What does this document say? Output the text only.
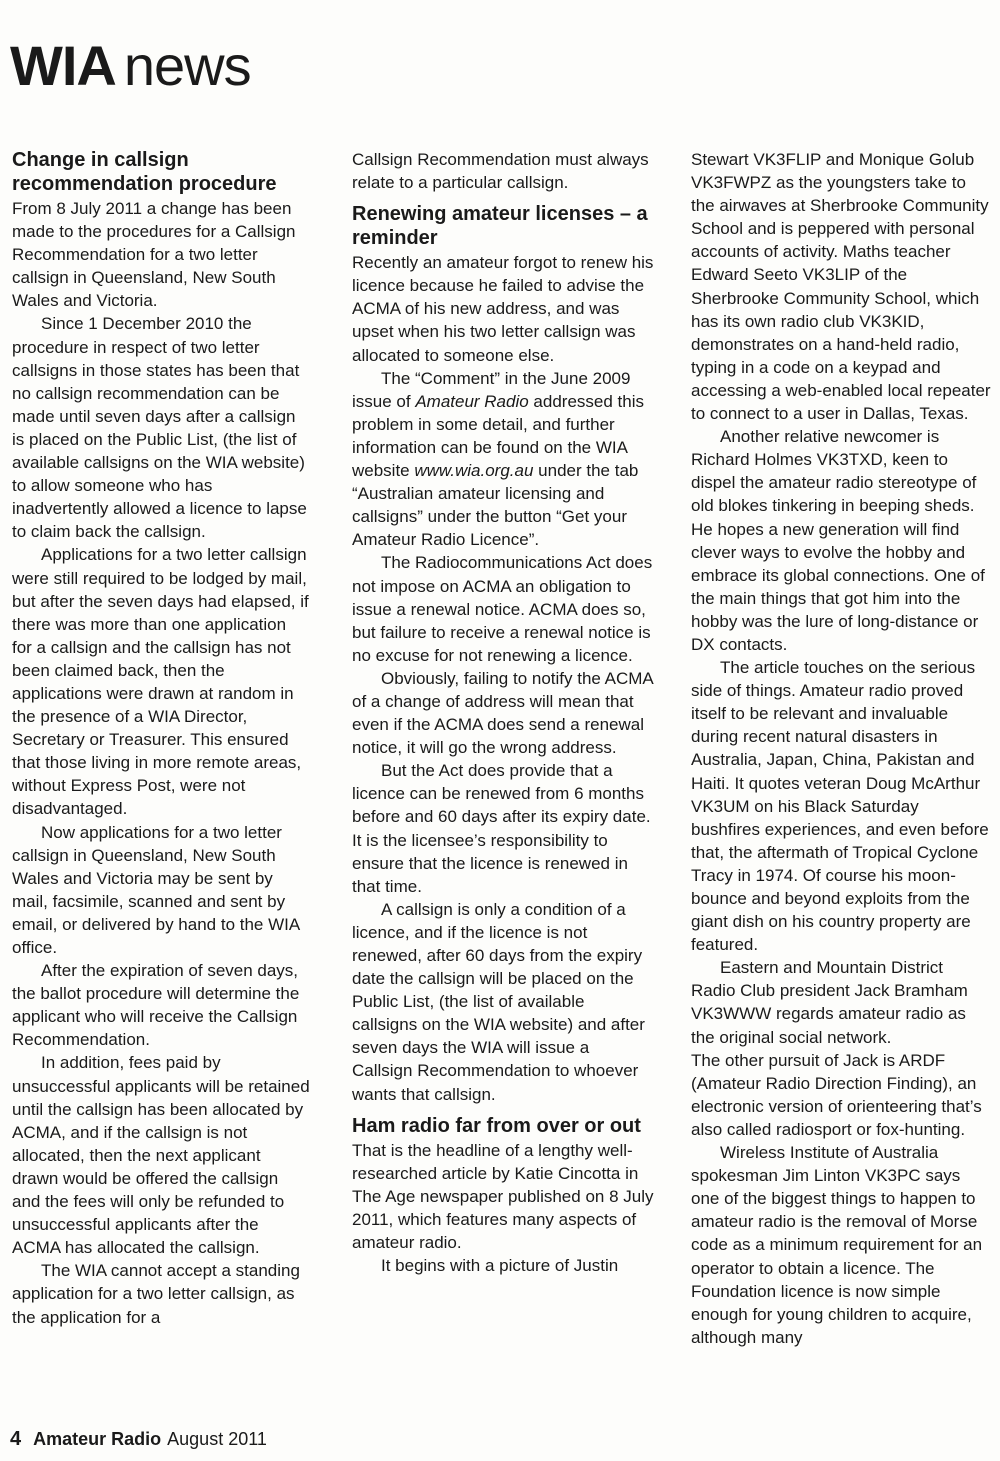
WIA news
Change in callsign recommendation procedure

From 8 July 2011 a change has been made to the procedures for a Callsign Recommendation for a two letter callsign in Queensland, New South Wales and Victoria.

Since 1 December 2010 the procedure in respect of two letter callsigns in those states has been that no callsign recommendation can be made until seven days after a callsign is placed on the Public List, (the list of available callsigns on the WIA website) to allow someone who has inadvertently allowed a licence to lapse to claim back the callsign.

Applications for a two letter callsign were still required to be lodged by mail, but after the seven days had elapsed, if there was more than one application for a callsign and the callsign has not been claimed back, then the applications were drawn at random in the presence of a WIA Director, Secretary or Treasurer. This ensured that those living in more remote areas, without Express Post, were not disadvantaged.

Now applications for a two letter callsign in Queensland, New South Wales and Victoria may be sent by mail, facsimile, scanned and sent by email, or delivered by hand to the WIA office.

After the expiration of seven days, the ballot procedure will determine the applicant who will receive the Callsign Recommendation.

In addition, fees paid by unsuccessful applicants will be retained until the callsign has been allocated by ACMA, and if the callsign is not allocated, then the next applicant drawn would be offered the callsign and the fees will only be refunded to unsuccessful applicants after the ACMA has allocated the callsign.

The WIA cannot accept a standing application for a two letter callsign, as the application for a

Callsign Recommendation must always relate to a particular callsign.

Renewing amateur licenses – a reminder

Recently an amateur forgot to renew his licence because he failed to advise the ACMA of his new address, and was upset when his two letter callsign was allocated to someone else.

The “Comment” in the June 2009 issue of Amateur Radio addressed this problem in some detail, and further information can be found on the WIA website www.wia.org.au under the tab “Australian amateur licensing and callsigns” under the button “Get your Amateur Radio Licence”.

The Radiocommunications Act does not impose on ACMA an obligation to issue a renewal notice. ACMA does so, but failure to receive a renewal notice is no excuse for not renewing a licence.

Obviously, failing to notify the ACMA of a change of address will mean that even if the ACMA does send a renewal notice, it will go the wrong address.

But the Act does provide that a licence can be renewed from 6 months before and 60 days after its expiry date. It is the licensee’s responsibility to ensure that the licence is renewed in that time.

A callsign is only a condition of a licence, and if the licence is not renewed, after 60 days from the expiry date the callsign will be placed on the Public List, (the list of available callsigns on the WIA website) and after seven days the WIA will issue a Callsign Recommendation to whoever wants that callsign.

Ham radio far from over or out

That is the headline of a lengthy well-researched article by Katie Cincotta in The Age newspaper published on 8 July 2011, which features many aspects of amateur radio.

It begins with a picture of Justin

Stewart VK3FLIP and Monique Golub VK3FWPZ as the youngsters take to the airwaves at Sherbrooke Community School and is peppered with personal accounts of activity. Maths teacher Edward Seeto VK3LIP of the Sherbrooke Community School, which has its own radio club VK3KID, demonstrates on a hand-held radio, typing in a code on a keypad and accessing a web-enabled local repeater to connect to a user in Dallas, Texas.

Another relative newcomer is Richard Holmes VK3TXD, keen to dispel the amateur radio stereotype of old blokes tinkering in beeping sheds. He hopes a new generation will find clever ways to evolve the hobby and embrace its global connections. One of the main things that got him into the hobby was the lure of long-distance or DX contacts.

The article touches on the serious side of things. Amateur radio proved itself to be relevant and invaluable during recent natural disasters in Australia, Japan, China, Pakistan and Haiti. It quotes veteran Doug McArthur VK3UM on his Black Saturday bushfires experiences, and even before that, the aftermath of Tropical Cyclone Tracy in 1974. Of course his moon-bounce and beyond exploits from the giant dish on his country property are featured.

Eastern and Mountain District Radio Club president Jack Bramham VK3WWW regards amateur radio as the original social network.

The other pursuit of Jack is ARDF (Amateur Radio Direction Finding), an electronic version of orienteering that’s also called radiosport or fox-hunting.

Wireless Institute of Australia spokesman Jim Linton VK3PC says one of the biggest things to happen to amateur radio is the removal of Morse code as a minimum requirement for an operator to obtain a licence. The Foundation licence is now simple enough for young children to acquire, although many

4 Amateur Radio August 2011
